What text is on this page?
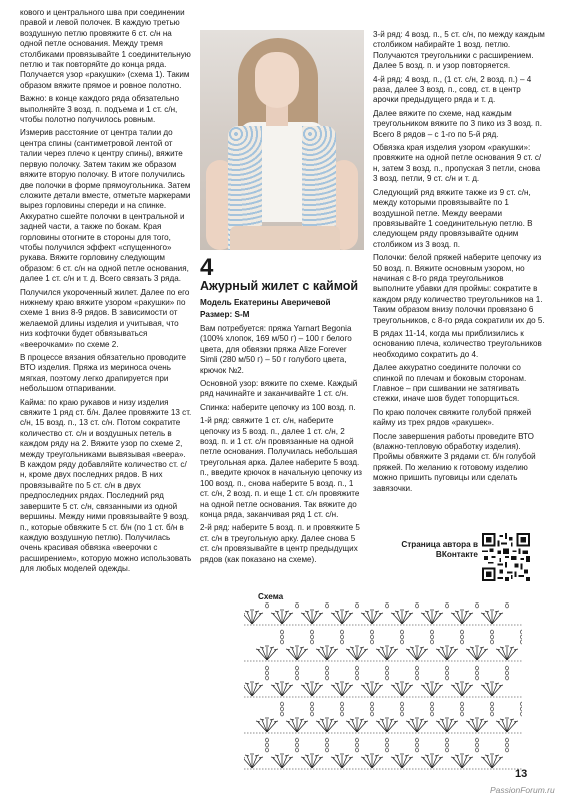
кового и центрального шва при соединении правой и левой полочек. В каждую третью воздушную петлю провяжите 6 ст. с/н на одной петле основания. Между тремя столбиками провязывайте 1 соединительную петлю и так повторяйте до конца ряда. Получается узор «ракушки» (схема 1). Таким образом вяжите прямое и ровное полотно.

Важно: в конце каждого ряда обязательно выполняйте 3 возд. п. подъема и 1 ст. с/н, чтобы полотно получилось ровным.

Измерив расстояние от центра талии до центра спины (сантиметровой лентой от талии через плечо к центру спины), вяжите первую полочку. Затем таким же образом вяжите вторую полочку. В итоге получились две полочки в форме прямоугольника. Затем сложите детали вместе, отметьте маркерами вырез горловины спереди и на спинке. Аккуратно сшейте полочки в центральной и задней части, а также по бокам. Края горловины отогните в стороны для того, чтобы получился эффект «спущенного» рукава. Вяжите горловину следующим образом: 6 ст. с/н на одной петле основания, далее 1 ст. с/н и т. д. Всего связать 3 ряда.

Получился укороченный жилет. Далее по его нижнему краю вяжите узором «ракушки» по схеме 1 вниз 8-9 рядов. В зависимости от желаемой длины изделия и учитывая, что низ кофточки будет обвязываться «веерочками» по схеме 2.

В процессе вязания обязательно проводите ВТО изделия. Пряжа из мериноса очень мягкая, поэтому легко драпируется при небольшом отпаривании.

Кайма: по краю рукавов и низу изделия свяжите 1 ряд ст. б/н. Далее провяжите 13 ст. с/н, 15 возд. п., 13 ст. с/н. Потом сократите количество ст. с/н и воздушных петель в каждом ряду на 2. Вяжите узор по схеме 2, между треугольниками вывязывая «веера». В каждом ряду добавляйте количество ст. с/н, кроме двух последних рядов. В них провязывайте по 5 ст. с/н в двух предпоследних рядах. Последний ряд завершите 5 ст. с/н, связанными из одной вершины. Между ними провязывайте 9 возд. п., которые обвяжите 5 ст. б/н (по 1 ст. б/н в каждую воздушную петлю). Получилась очень красивая обвязка «веерочки с расширением», которую можно использовать для любых моделей одежды.

4
Ажурный жилет с каймой
Модель Екатерины Аверичевой
Размер: S-M

Вам потребуется: пряжа Yarnart Begonia (100% хлопок, 169 м/50 г) – 100 г белого цвета, для обвязки пряжа Alize Forever Simli (280 м/50 г) – 50 г голубого цвета, крючок №2.

Основной узор: вяжите по схеме. Каждый ряд начинайте и заканчивайте 1 ст. с/н.

Спинка: наберите цепочку из 100 возд. п.

1-й ряд: свяжите 1 ст. с/н, наберите цепочку из 5 возд. п., далее 1 ст. с/н, 2 возд. п. и 1 ст. с/н провязанные на одной петле основания. Получилась небольшая треугольная арка. Далее наберите 5 возд. п., введите крючок в начальную цепочку из 100 возд. п., снова наберите 5 возд. п., 1 ст. с/н, 2 возд. п. и еще 1 ст. с/н провяжите на одной петле основания. Так вяжите до конца ряда, заканчивая ряд 1 ст. с/н.

2-й ряд: наберите 5 возд. п. и провяжите 5 ст. с/н в треугольную арку. Далее снова 5 ст. с/н провязывайте в центр предыдущих рядов (как показано на схеме).

3-й ряд: 4 возд. п., 5 ст. с/н, по между каждым столбиком набирайте 1 возд. петлю. Получаются треугольники с расширением. Далее 5 возд. п. и узор повторяется.

4-й ряд: 4 возд. п., (1 ст. с/н, 2 возд. п.) – 4 раза, далее 3 возд. п., совд. ст. в центр арочки предыдущего ряда и т. д.

Далее вяжите по схеме, над каждым треугольником вяжите по 3 пико из 3 возд. п. Всего 8 рядов – с 1-го по 5-й ряд.

Обвязка края изделия узором «ракушки»: провяжите на одной петле основания 9 ст. с/н, затем 3 возд. п., пропуская 3 петли, снова 3 возд. петли, 9 ст. с/н и т. д.

Следующий ряд вяжите также из 9 ст. с/н, между которыми провязывайте по 1 воздушной петле. Между веерами провязывайте 1 соединительную петлю. В следующем ряду провязывайте одним столбиком из 3 возд. п.

Полочки: белой пряжей наберите цепочку из 50 возд. п. Вяжите основным узором, но начиная с 8-го ряда треугольников выполните убавки для проймы: сократите в каждом ряду количество треугольников на 1. Таким образом внизу полочки провязано 6 треугольников, с 8-го ряда сократили их до 5.

В рядах 11-14, когда мы приблизились к основанию плеча, количество треугольников необходимо сократить до 4.

Далее аккуратно соедините полочки со спинкой по плечам и боковым сторонам. Главное – при сшивании не затягивать стежки, иначе шов будет топорщиться.

По краю полочек свяжите голубой пряжей кайму из трех рядов «ракушек».

После завершения работы проведите ВТО (влажно-тепловую обработку изделия). Проймы обвяжите 3 рядами ст. б/н голубой пряжей. По желанию к готовому изделию можно пришить пуговицы или сделать завязочки.

Страница автора в ВКонтакте
Схема
13
PassionForum.ru
